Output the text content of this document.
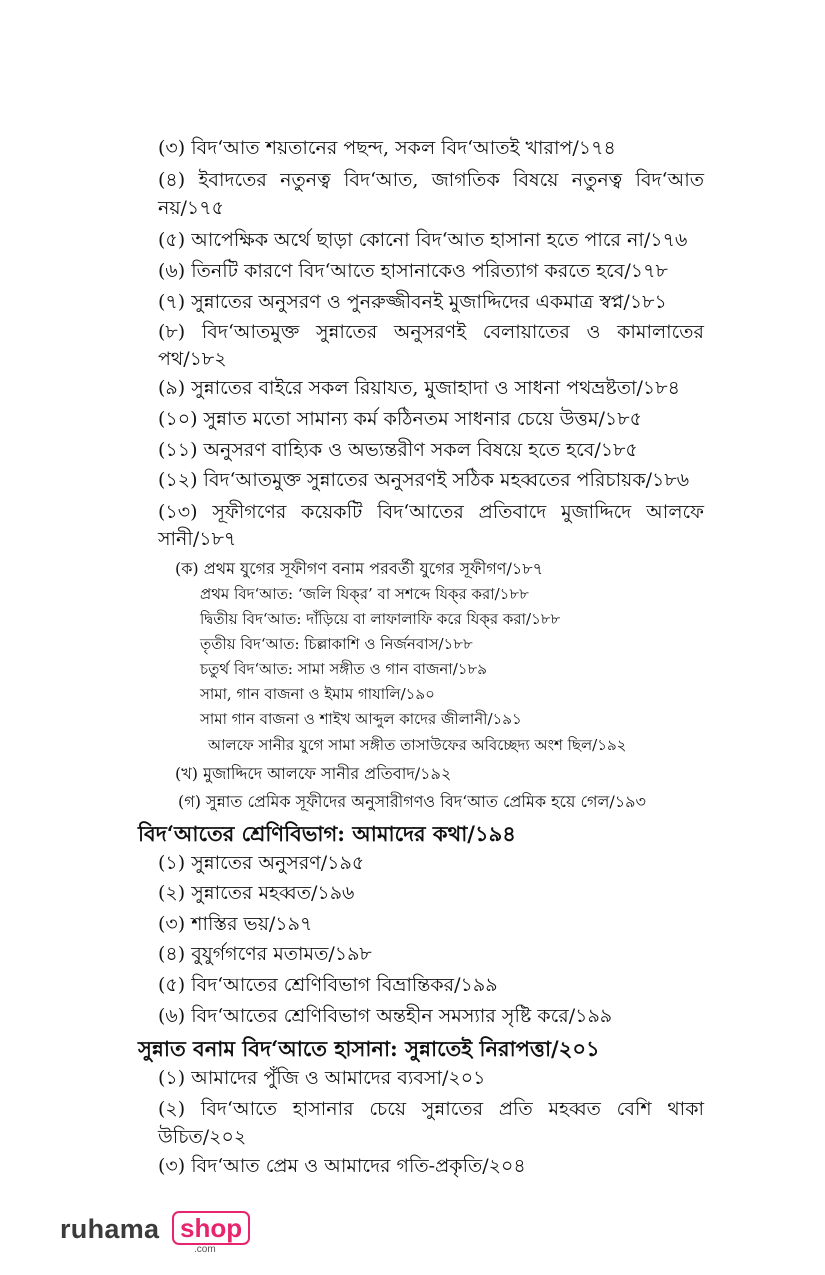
(৩) বিদ‘আত শয়তানের পছন্দ, সকল বিদ‘আতই খারাপ/১৭৪
(৪) ইবাদতের নতুনত্ব বিদ‘আত, জাগতিক বিষয়ে নতুনত্ব বিদ‘আত
নয়/১৭৫
(৫) আপেক্ষিক অর্থে ছাড়া কোনো বিদ‘আত হাসানা হতে পারে না/১৭৬
(৬) তিনটি কারণে বিদ‘আতে হাসানাকেও পরিত্যাগ করতে হবে/১৭৮
(৭) সুন্নাতের অনুসরণ ও পুনরুজ্জীবনই মুজাদ্দিদের একমাত্র স্বপ্ন/১৮১
(৮) বিদ‘আতমুক্ত সুন্নাতের অনুসরণই বেলায়াতের ও কামালাতের
পথ/১৮২
(৯) সুন্নাতের বাইরে সকল রিয়াযত, মুজাহাদা ও সাধনা পথভ্রষ্টতা/১৮৪
(১০) সুন্নাত মতো সামান্য কর্ম কঠিনতম সাধনার চেয়ে উত্তম/১৮৫
(১১) অনুসরণ বাহ্যিক ও অভ্যন্তরীণ সকল বিষয়ে হতে হবে/১৮৫
(১২) বিদ‘আতমুক্ত সুন্নাতের অনুসরণই সঠিক মহব্বতের পরিচায়ক/১৮৬
(১৩) সূফীগণের কয়েকটি বিদ‘আতের প্রতিবাদে মুজাদ্দিদে আলফে
সানী/১৮৭
(ক) প্রথম যুগের সূফীগণ বনাম পরবর্তী যুগের সূফীগণ/১৮৭
প্রথম বিদ‘আত: ‘জলি যিক্‌র’ বা সশব্দে যিক্‌র করা/১৮৮
দ্বিতীয় বিদ‘আত: দাঁড়িয়ে বা লাফালাফি করে যিক্‌র করা/১৮৮
তৃতীয় বিদ‘আত: চিল্লাকাশি ও নির্জনবাস/১৮৮
চতুর্থ বিদ‘আত: সামা সঙ্গীত ও গান বাজনা/১৮৯
সামা, গান বাজনা ও ইমাম গাযালি/১৯০
সামা গান বাজনা ও শাইখ আব্দুল কাদের জীলানী/১৯১
আলফে সানীর যুগে সামা সঙ্গীত তাসাউফের অবিচ্ছেদ্য অংশ ছিল/১৯২
(খ) মুজাদ্দিদে আলফে সানীর প্রতিবাদ/১৯২
(গ) সুন্নাত প্রেমিক সূফীদের অনুসারীগণও বিদ‘আত প্রেমিক হয়ে গেল/১৯৩
বিদ‘আতের শ্রেণিবিভাগ: আমাদের কথা/১৯৪
(১) সুন্নাতের অনুসরণ/১৯৫
(২) সুন্নাতের মহব্বত/১৯৬
(৩) শাস্তির ভয়/১৯৭
(৪) বুযুর্গগণের মতামত/১৯৮
(৫) বিদ‘আতের শ্রেণিবিভাগ বিভ্রান্তিকর/১৯৯
(৬) বিদ‘আতের শ্রেণিবিভাগ অন্তহীন সমস্যার সৃষ্টি করে/১৯৯
সুন্নাত বনাম বিদ‘আতে হাসানা: সুন্নাতেই নিরাপত্তা/২০১
(১) আমাদের পুঁজি ও আমাদের ব্যবসা/২০১
(২) বিদ‘আতে হাসানার চেয়ে সুন্নাতের প্রতি মহব্বত বেশি থাকা
উচিত/২০২
(৩) বিদ‘আত প্রেম ও আমাদের গতি-প্রকৃতি/২০৪
ruhama shop
.com
